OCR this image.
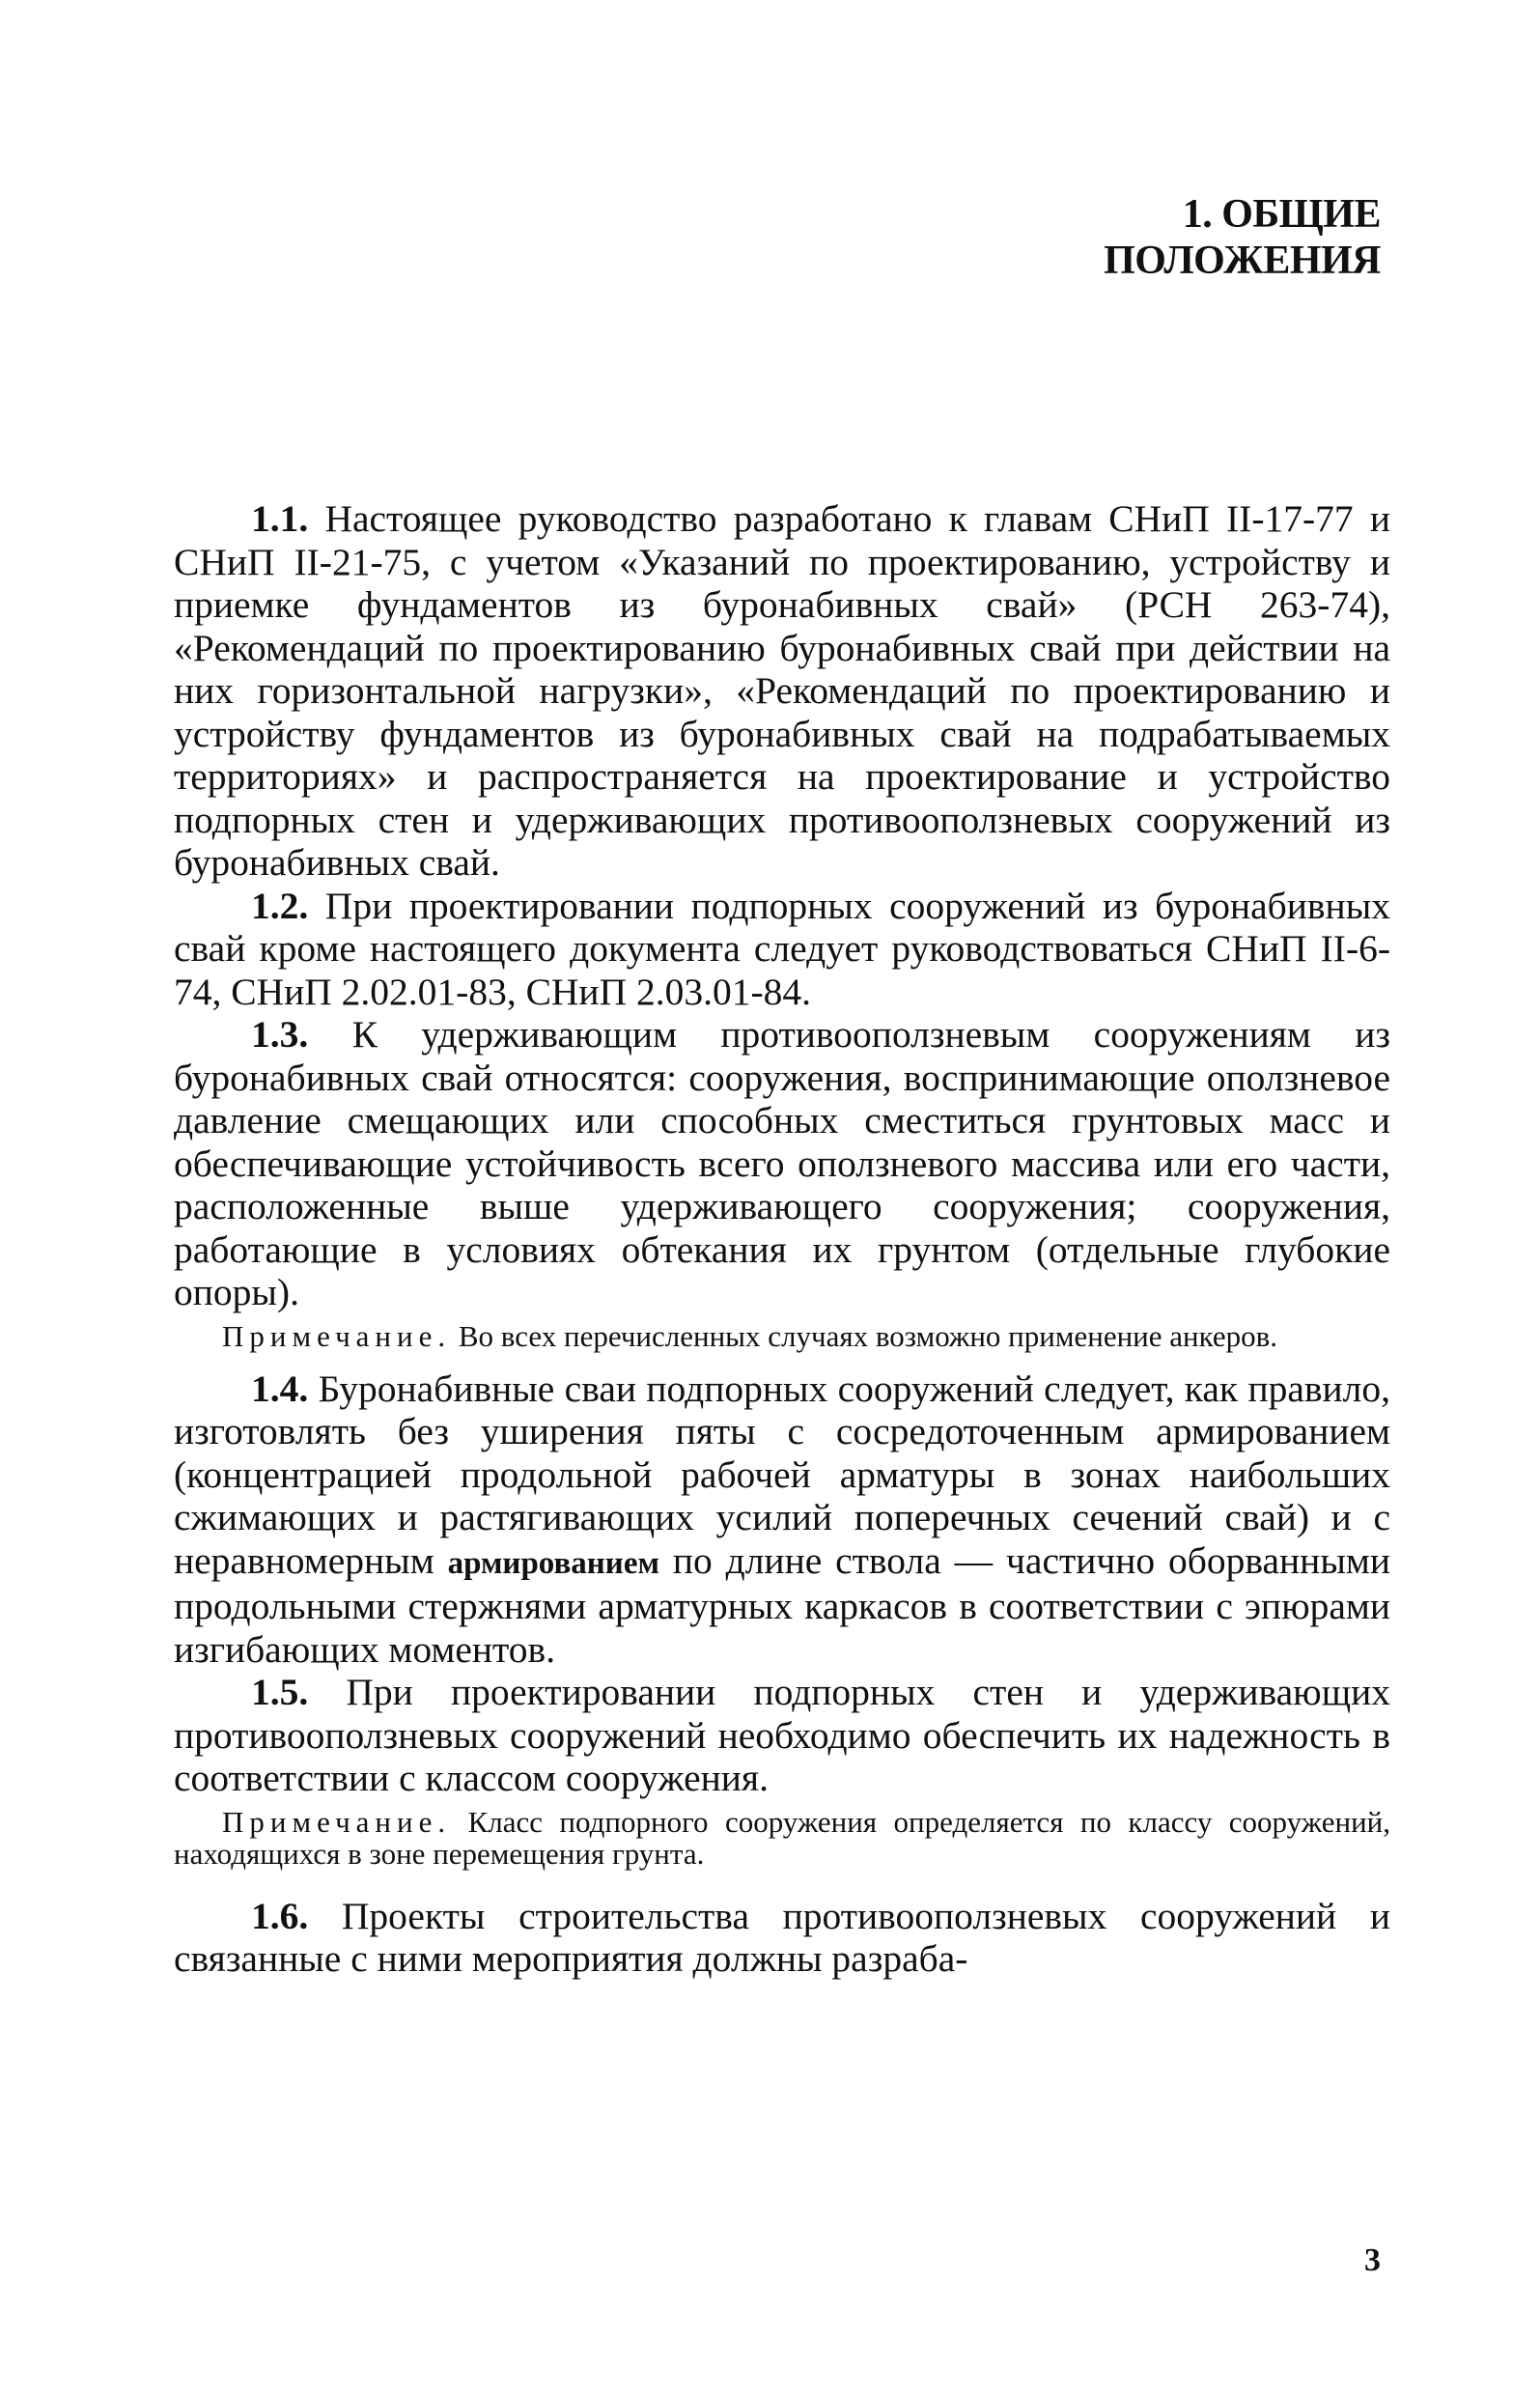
1. ОБЩИЕ ПОЛОЖЕНИЯ

1.1. Настоящее руководство разработано к главам СНиП II-17-77 и СНиП II-21-75, с учетом «Указаний по проектированию, устройству и приемке фундаментов из буронабивных свай» (РСН 263-74), «Рекомендаций по проектированию буронабивных свай при действии на них горизонтальной нагрузки», «Рекомендаций по проектированию и устройству фундаментов из буронабивных свай на подрабатываемых территориях» и распространяется на проектирование и устройство подпорных стен и удерживающих противооползневых сооружений из буронабивных свай.

1.2. При проектировании подпорных сооружений из буронабивных свай кроме настоящего документа следует руководствоваться СНиП II-6-74, СНиП 2.02.01-83, СНиП 2.03.01-84.

1.3. К удерживающим противооползневым сооружениям из буронабивных свай относятся: сооружения, воспринимающие оползневое давление смещающих или способных сместиться грунтовых масс и обеспечивающие устойчивость всего оползневого массива или его части, расположенные выше удерживающего сооружения; сооружения, работающие в условиях обтекания их грунтом (отдельные глубокие опоры).

Примечание. Во всех перечисленных случаях возможно применение анкеров.

1.4. Буронабивные сваи подпорных сооружений следует, как правило, изготовлять без уширения пяты с сосредоточенным армированием (концентрацией продольной рабочей арматуры в зонах наибольших сжимающих и растягивающих усилий поперечных сечений свай) и с неравномерным армированием по длине ствола — частично оборванными продольными стержнями арматурных каркасов в соответствии с эпюрами изгибающих моментов.

1.5. При проектировании подпорных стен и удерживающих противооползневых сооружений необходимо обеспечить их надежность в соответствии с классом сооружения.

Примечание. Класс подпорного сооружения определяется по классу сооружений, находящихся в зоне перемещения грунта.

1.6. Проекты строительства противооползневых сооружений и связанные с ними мероприятия должны разраба-

3
